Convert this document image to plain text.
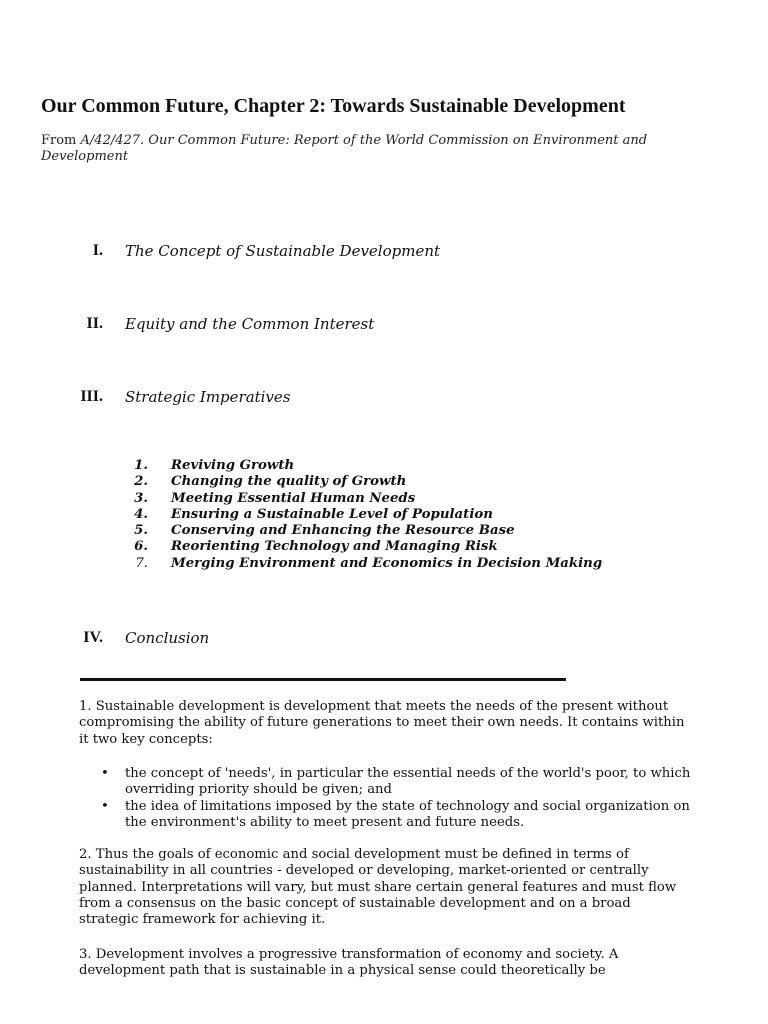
Our Common Future, Chapter 2: Towards Sustainable Development
From A/42/427. Our Common Future: Report of the World Commission on Environment and Development
I. The Concept of Sustainable Development
II. Equity and the Common Interest
III. Strategic Imperatives
1. Reviving Growth
2. Changing the quality of Growth
3. Meeting Essential Human Needs
4. Ensuring a Sustainable Level of Population
5. Conserving and Enhancing the Resource Base
6. Reorienting Technology and Managing Risk
7. Merging Environment and Economics in Decision Making
IV. Conclusion
1. Sustainable development is development that meets the needs of the present without compromising the ability of future generations to meet their own needs. It contains within it two key concepts:
• the concept of 'needs', in particular the essential needs of the world's poor, to which overriding priority should be given; and
• the idea of limitations imposed by the state of technology and social organization on the environment's ability to meet present and future needs.
2. Thus the goals of economic and social development must be defined in terms of sustainability in all countries - developed or developing, market-oriented or centrally planned. Interpretations will vary, but must share certain general features and must flow from a consensus on the basic concept of sustainable development and on a broad strategic framework for achieving it.
3. Development involves a progressive transformation of economy and society. A development path that is sustainable in a physical sense could theoretically be
